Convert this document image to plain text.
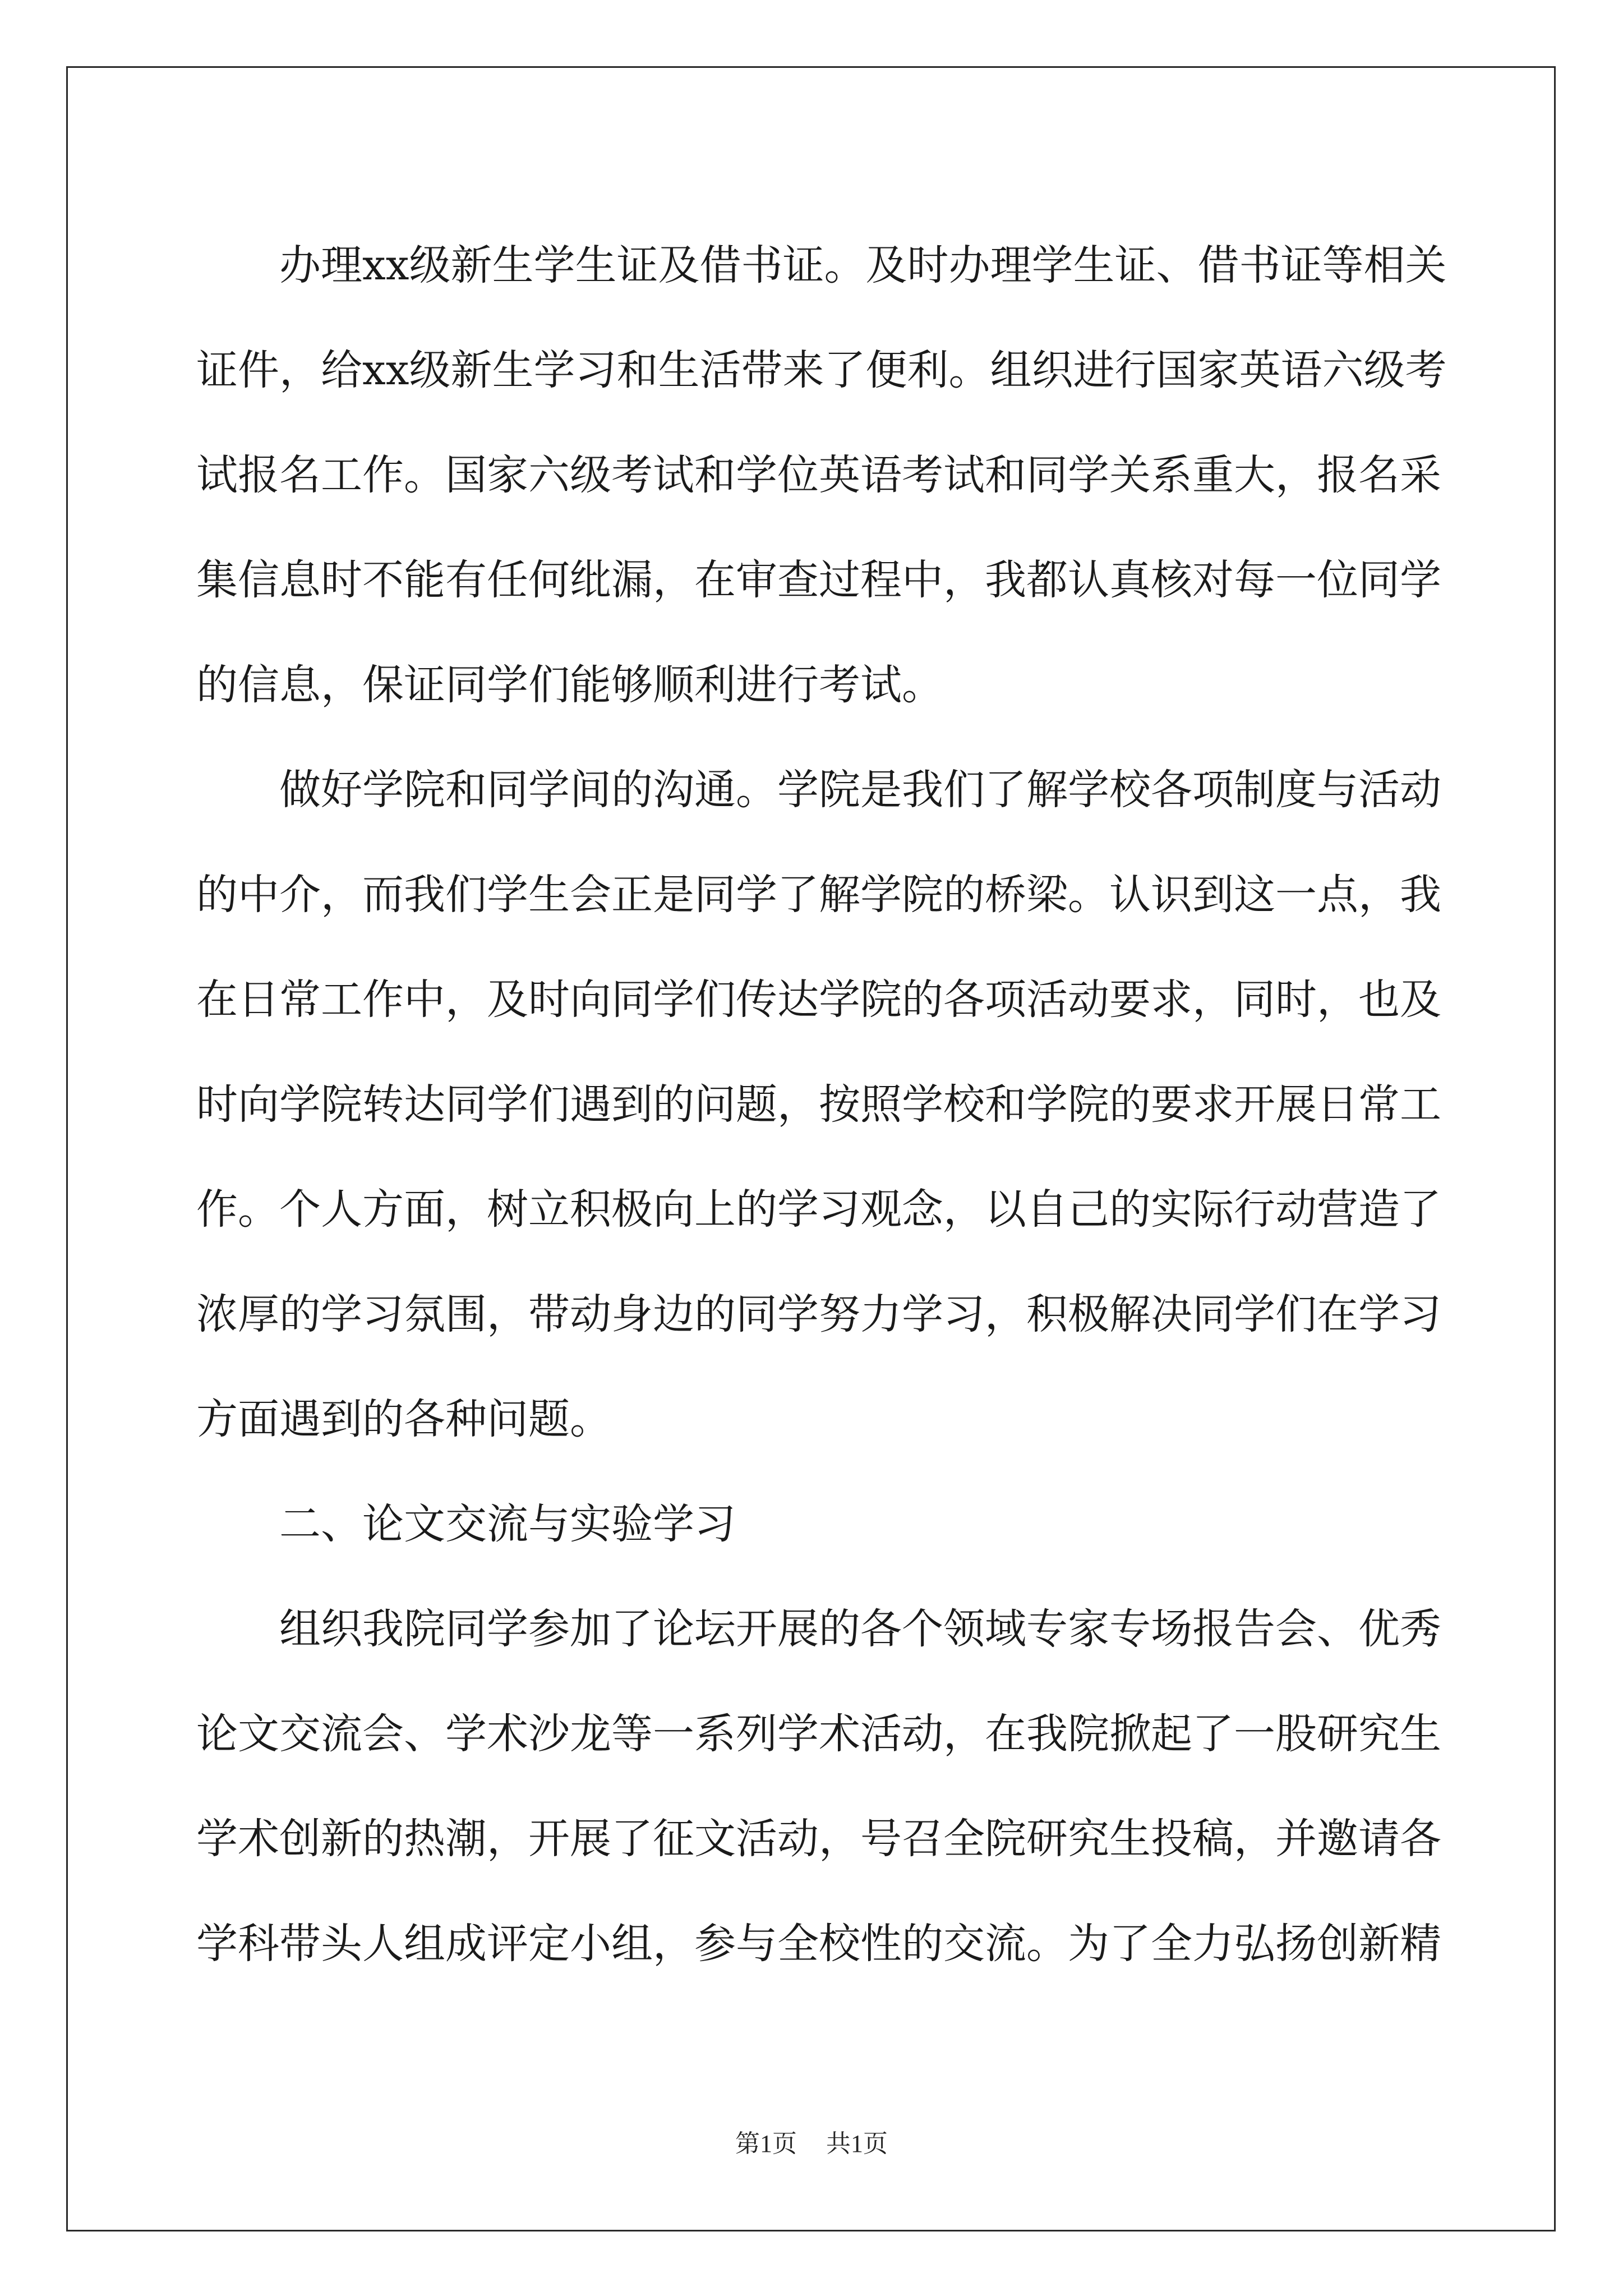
办理xx级新生学生证及借书证。及时办理学生证、借书证等相关
证件，给xx级新生学习和生活带来了便利。组织进行国家英语六级考
试报名工作。国家六级考试和学位英语考试和同学关系重大，报名采
集信息时不能有任何纰漏，在审查过程中，我都认真核对每一位同学
的信息，保证同学们能够顺利进行考试。
做好学院和同学间的沟通。学院是我们了解学校各项制度与活动
的中介，而我们学生会正是同学了解学院的桥梁。认识到这一点，我
在日常工作中，及时向同学们传达学院的各项活动要求，同时，也及
时向学院转达同学们遇到的问题，按照学校和学院的要求开展日常工
作。个人方面，树立积极向上的学习观念，以自己的实际行动营造了
浓厚的学习氛围，带动身边的同学努力学习，积极解决同学们在学习
方面遇到的各种问题。
二、论文交流与实验学习
组织我院同学参加了论坛开展的各个领域专家专场报告会、优秀
论文交流会、学术沙龙等一系列学术活动，在我院掀起了一股研究生
学术创新的热潮，开展了征文活动，号召全院研究生投稿，并邀请各
学科带头人组成评定小组，参与全校性的交流。为了全力弘扬创新精
第1页 共1页
